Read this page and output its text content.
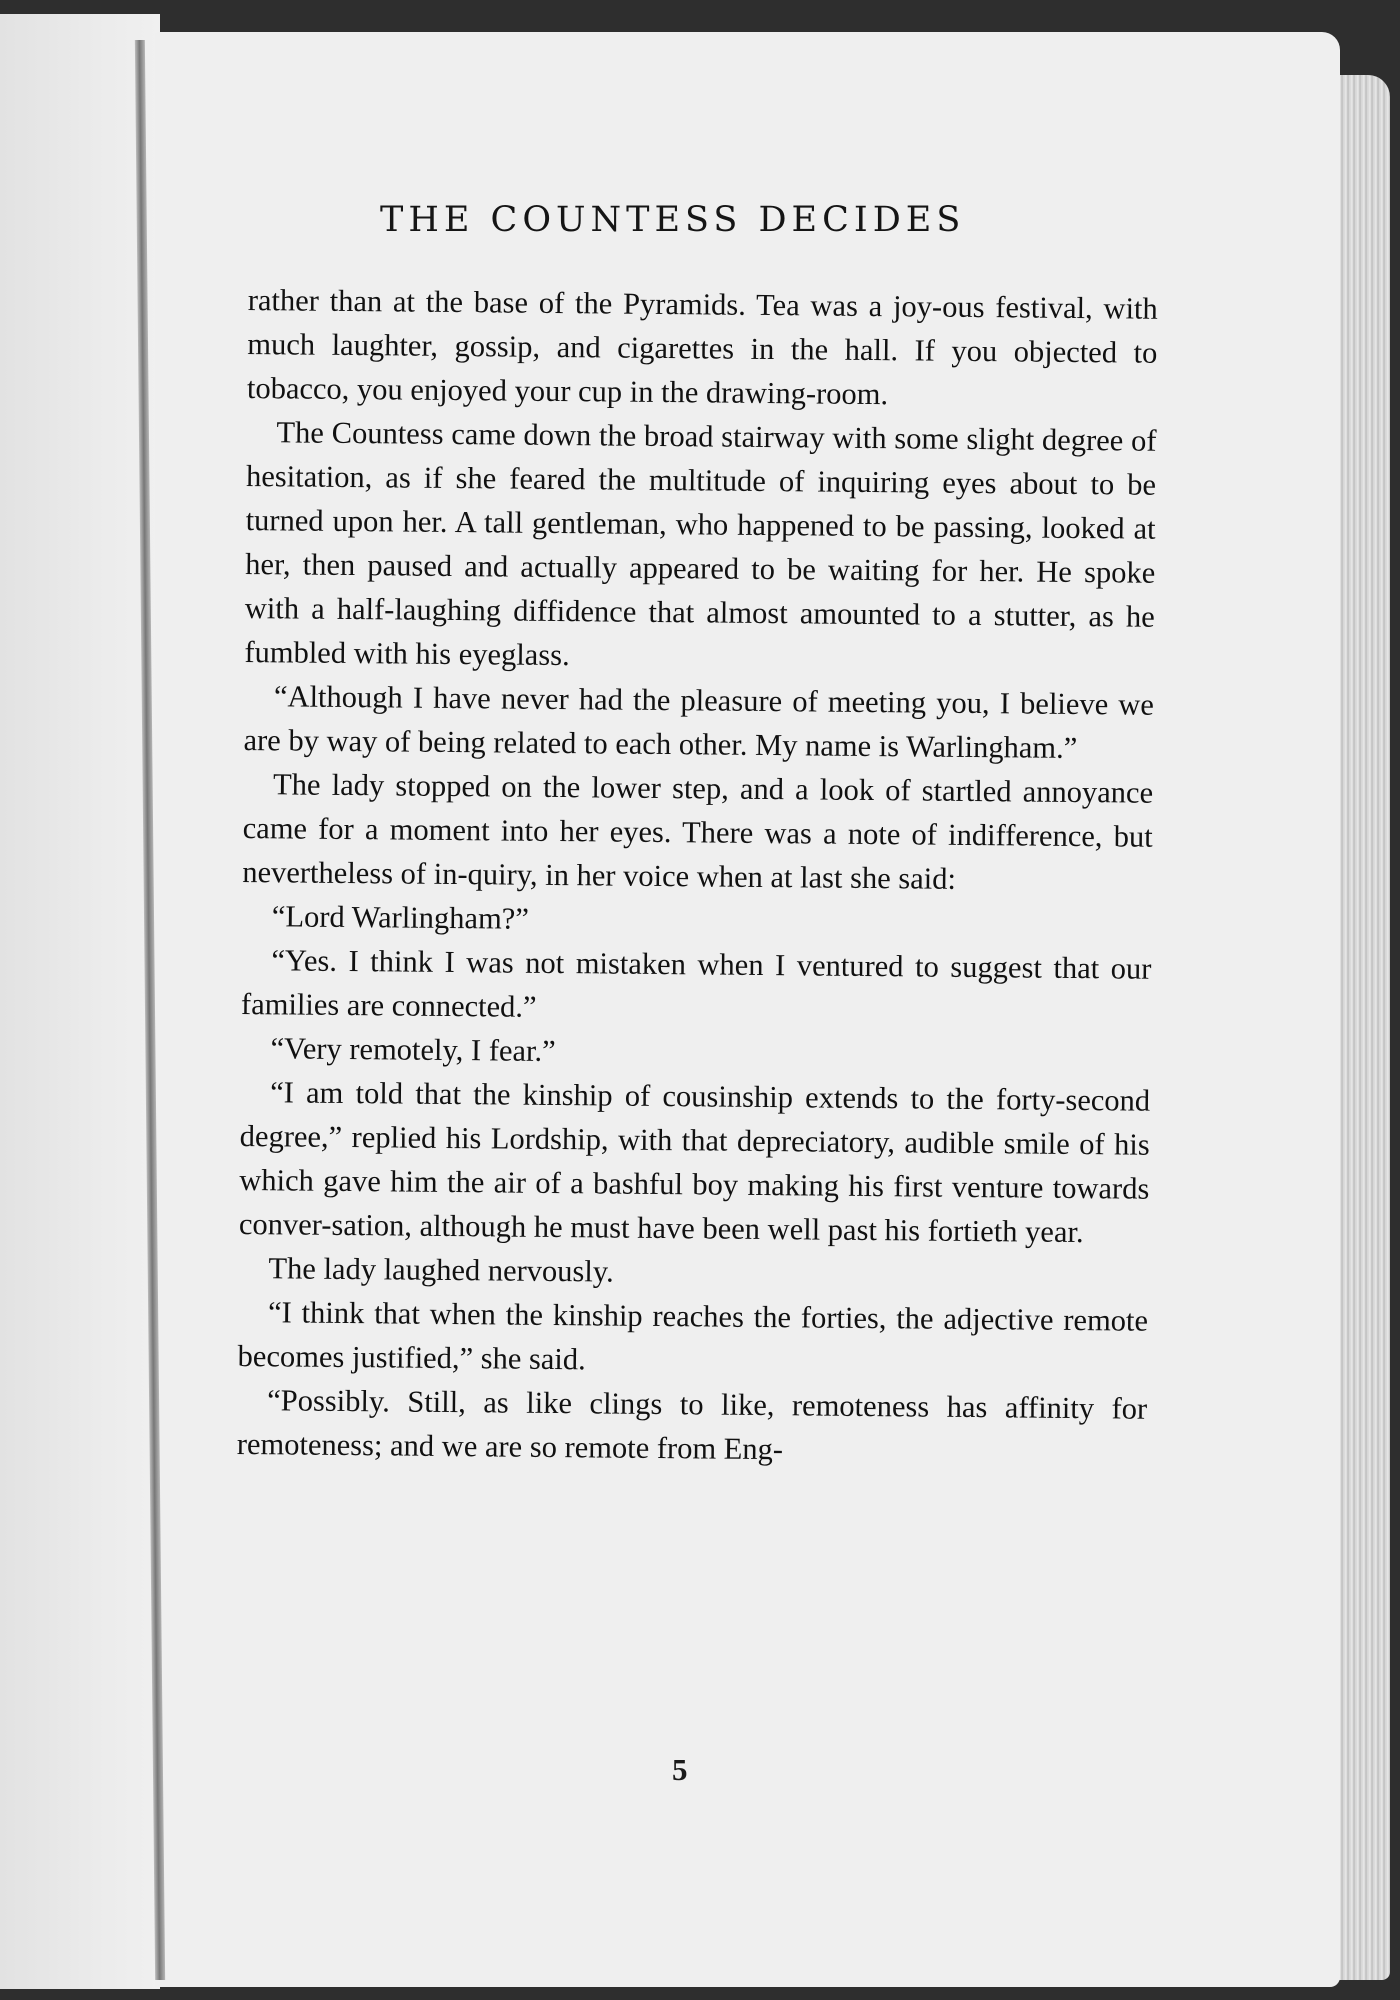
THE COUNTESS DECIDES

rather than at the base of the Pyramids. Tea was a joy-ous festival, with much laughter, gossip, and cigarettes in the hall. If you objected to tobacco, you enjoyed your cup in the drawing-room.

The Countess came down the broad stairway with some slight degree of hesitation, as if she feared the multitude of inquiring eyes about to be turned upon her. A tall gentleman, who happened to be passing, looked at her, then paused and actually appeared to be waiting for her. He spoke with a half-laughing diffidence that almost amounted to a stutter, as he fumbled with his eyeglass.

“Although I have never had the pleasure of meeting you, I believe we are by way of being related to each other. My name is Warlingham.”

The lady stopped on the lower step, and a look of startled annoyance came for a moment into her eyes. There was a note of indifference, but nevertheless of in-quiry, in her voice when at last she said:

“Lord Warlingham?”

“Yes. I think I was not mistaken when I ventured to suggest that our families are connected.”

“Very remotely, I fear.”

“I am told that the kinship of cousinship extends to the forty-second degree,” replied his Lordship, with that depreciatory, audible smile of his which gave him the air of a bashful boy making his first venture towards conver-sation, although he must have been well past his fortieth year.

The lady laughed nervously.

“I think that when the kinship reaches the forties, the adjective remote becomes justified,” she said.

“Possibly. Still, as like clings to like, remoteness has affinity for remoteness; and we are so remote from Eng-

5
